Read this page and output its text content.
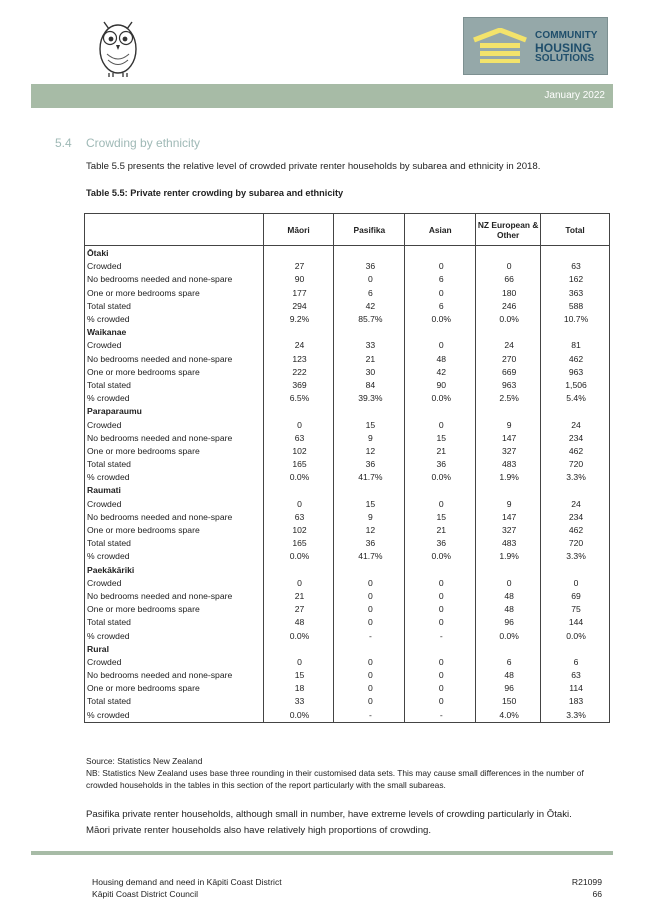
COMMUNITY
HOUSING
SOLUTIONS
January 2022
5.4 Crowding by ethnicity
Table 5.5 presents the relative level of crowded private renter households by subarea and ethnicity in 2018.
Table 5.5: Private renter crowding by subarea and ethnicity
	Māori	Pasifika	Asian	NZ European & Other	Total
Ōtaki					
Crowded	27	36	0	0	63
No bedrooms needed and none-spare	90	0	6	66	162
One or more bedrooms spare	177	6	0	180	363
Total stated	294	42	6	246	588
% crowded	9.2%	85.7%	0.0%	0.0%	10.7%
Waikanae					
Crowded	24	33	0	24	81
No bedrooms needed and none-spare	123	21	48	270	462
One or more bedrooms spare	222	30	42	669	963
Total stated	369	84	90	963	1,506
% crowded	6.5%	39.3%	0.0%	2.5%	5.4%
Paraparaumu					
Crowded	0	15	0	9	24
No bedrooms needed and none-spare	63	9	15	147	234
One or more bedrooms spare	102	12	21	327	462
Total stated	165	36	36	483	720
% crowded	0.0%	41.7%	0.0%	1.9%	3.3%
Raumati					
Crowded	0	15	0	9	24
No bedrooms needed and none-spare	63	9	15	147	234
One or more bedrooms spare	102	12	21	327	462
Total stated	165	36	36	483	720
% crowded	0.0%	41.7%	0.0%	1.9%	3.3%
Paekākāriki					
Crowded	0	0	0	0	0
No bedrooms needed and none-spare	21	0	0	48	69
One or more bedrooms spare	27	0	0	48	75
Total stated	48	0	0	96	144
% crowded	0.0%	-	-	0.0%	0.0%
Rural					
Crowded	0	0	0	6	6
No bedrooms needed and none-spare	15	0	0	48	63
One or more bedrooms spare	18	0	0	96	114
Total stated	33	0	0	150	183
% crowded	0.0%	-	-	4.0%	3.3%
Source: Statistics New Zealand
NB: Statistics New Zealand uses base three rounding in their customised data sets. This may cause small differences in the number of crowded households in the tables in this section of the report particularly with the small subareas.
Pasifika private renter households, although small in number, have extreme levels of crowding particularly in Ōtaki. Māori private renter households also have relatively high proportions of crowding.
Housing demand and need in Kāpiti Coast District
Kāpiti Coast District Council
R21099
66
